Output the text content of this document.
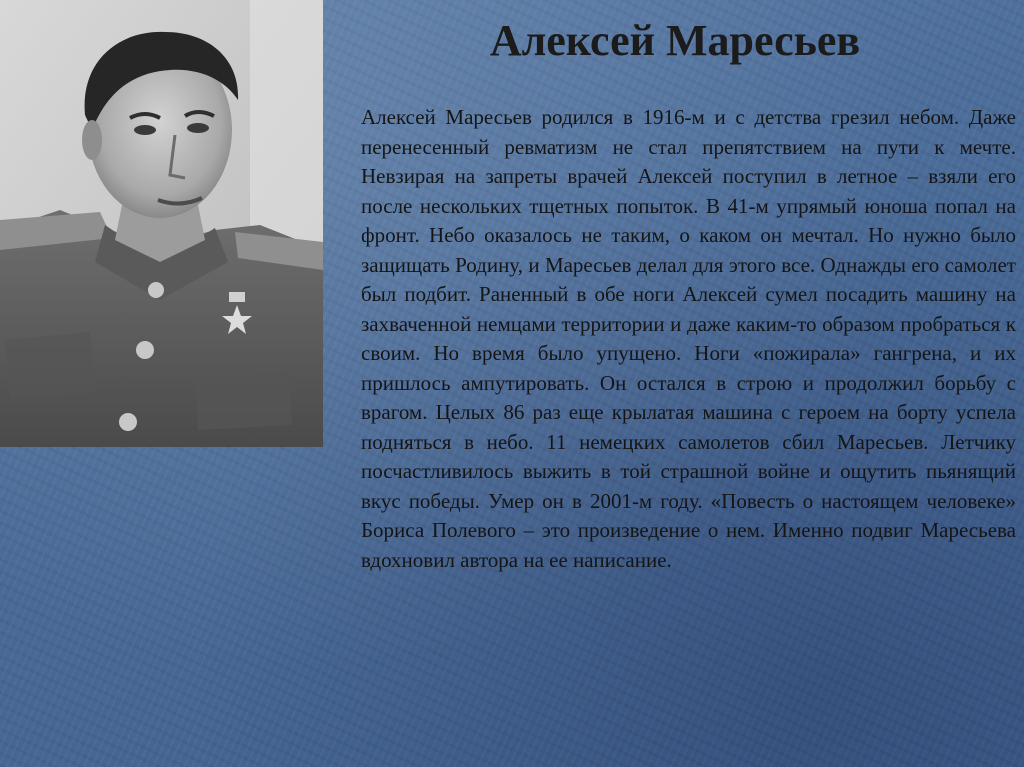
Алексей Маресьев

Алексей Маресьев родился в 1916-м и с детства грезил небом. Даже перенесенный ревматизм не стал препятствием на пути к мечте. Невзирая на запреты врачей Алексей поступил в летное – взяли его после нескольких тщетных попыток. В 41-м упрямый юноша попал на фронт. Небо оказалось не таким, о каком он мечтал. Но нужно было защищать Родину, и Маресьев делал для этого все. Однажды его самолет был подбит. Раненный в обе ноги Алексей сумел посадить машину на захваченной немцами территории и даже каким-то образом пробраться к своим. Но время было упущено. Ноги «пожирала» гангрена, и их пришлось ампутировать. Он остался в строю и продолжил борьбу с врагом. Целых 86 раз еще крылатая машина с героем на борту успела подняться в небо. 11 немецких самолетов сбил Маресьев. Летчику посчастливилось выжить в той страшной войне и ощутить пьянящий вкус победы. Умер он в 2001-м году. «Повесть о настоящем человеке» Бориса Полевого – это произведение о нем. Именно подвиг Маресьева вдохновил автора на ее написание.
